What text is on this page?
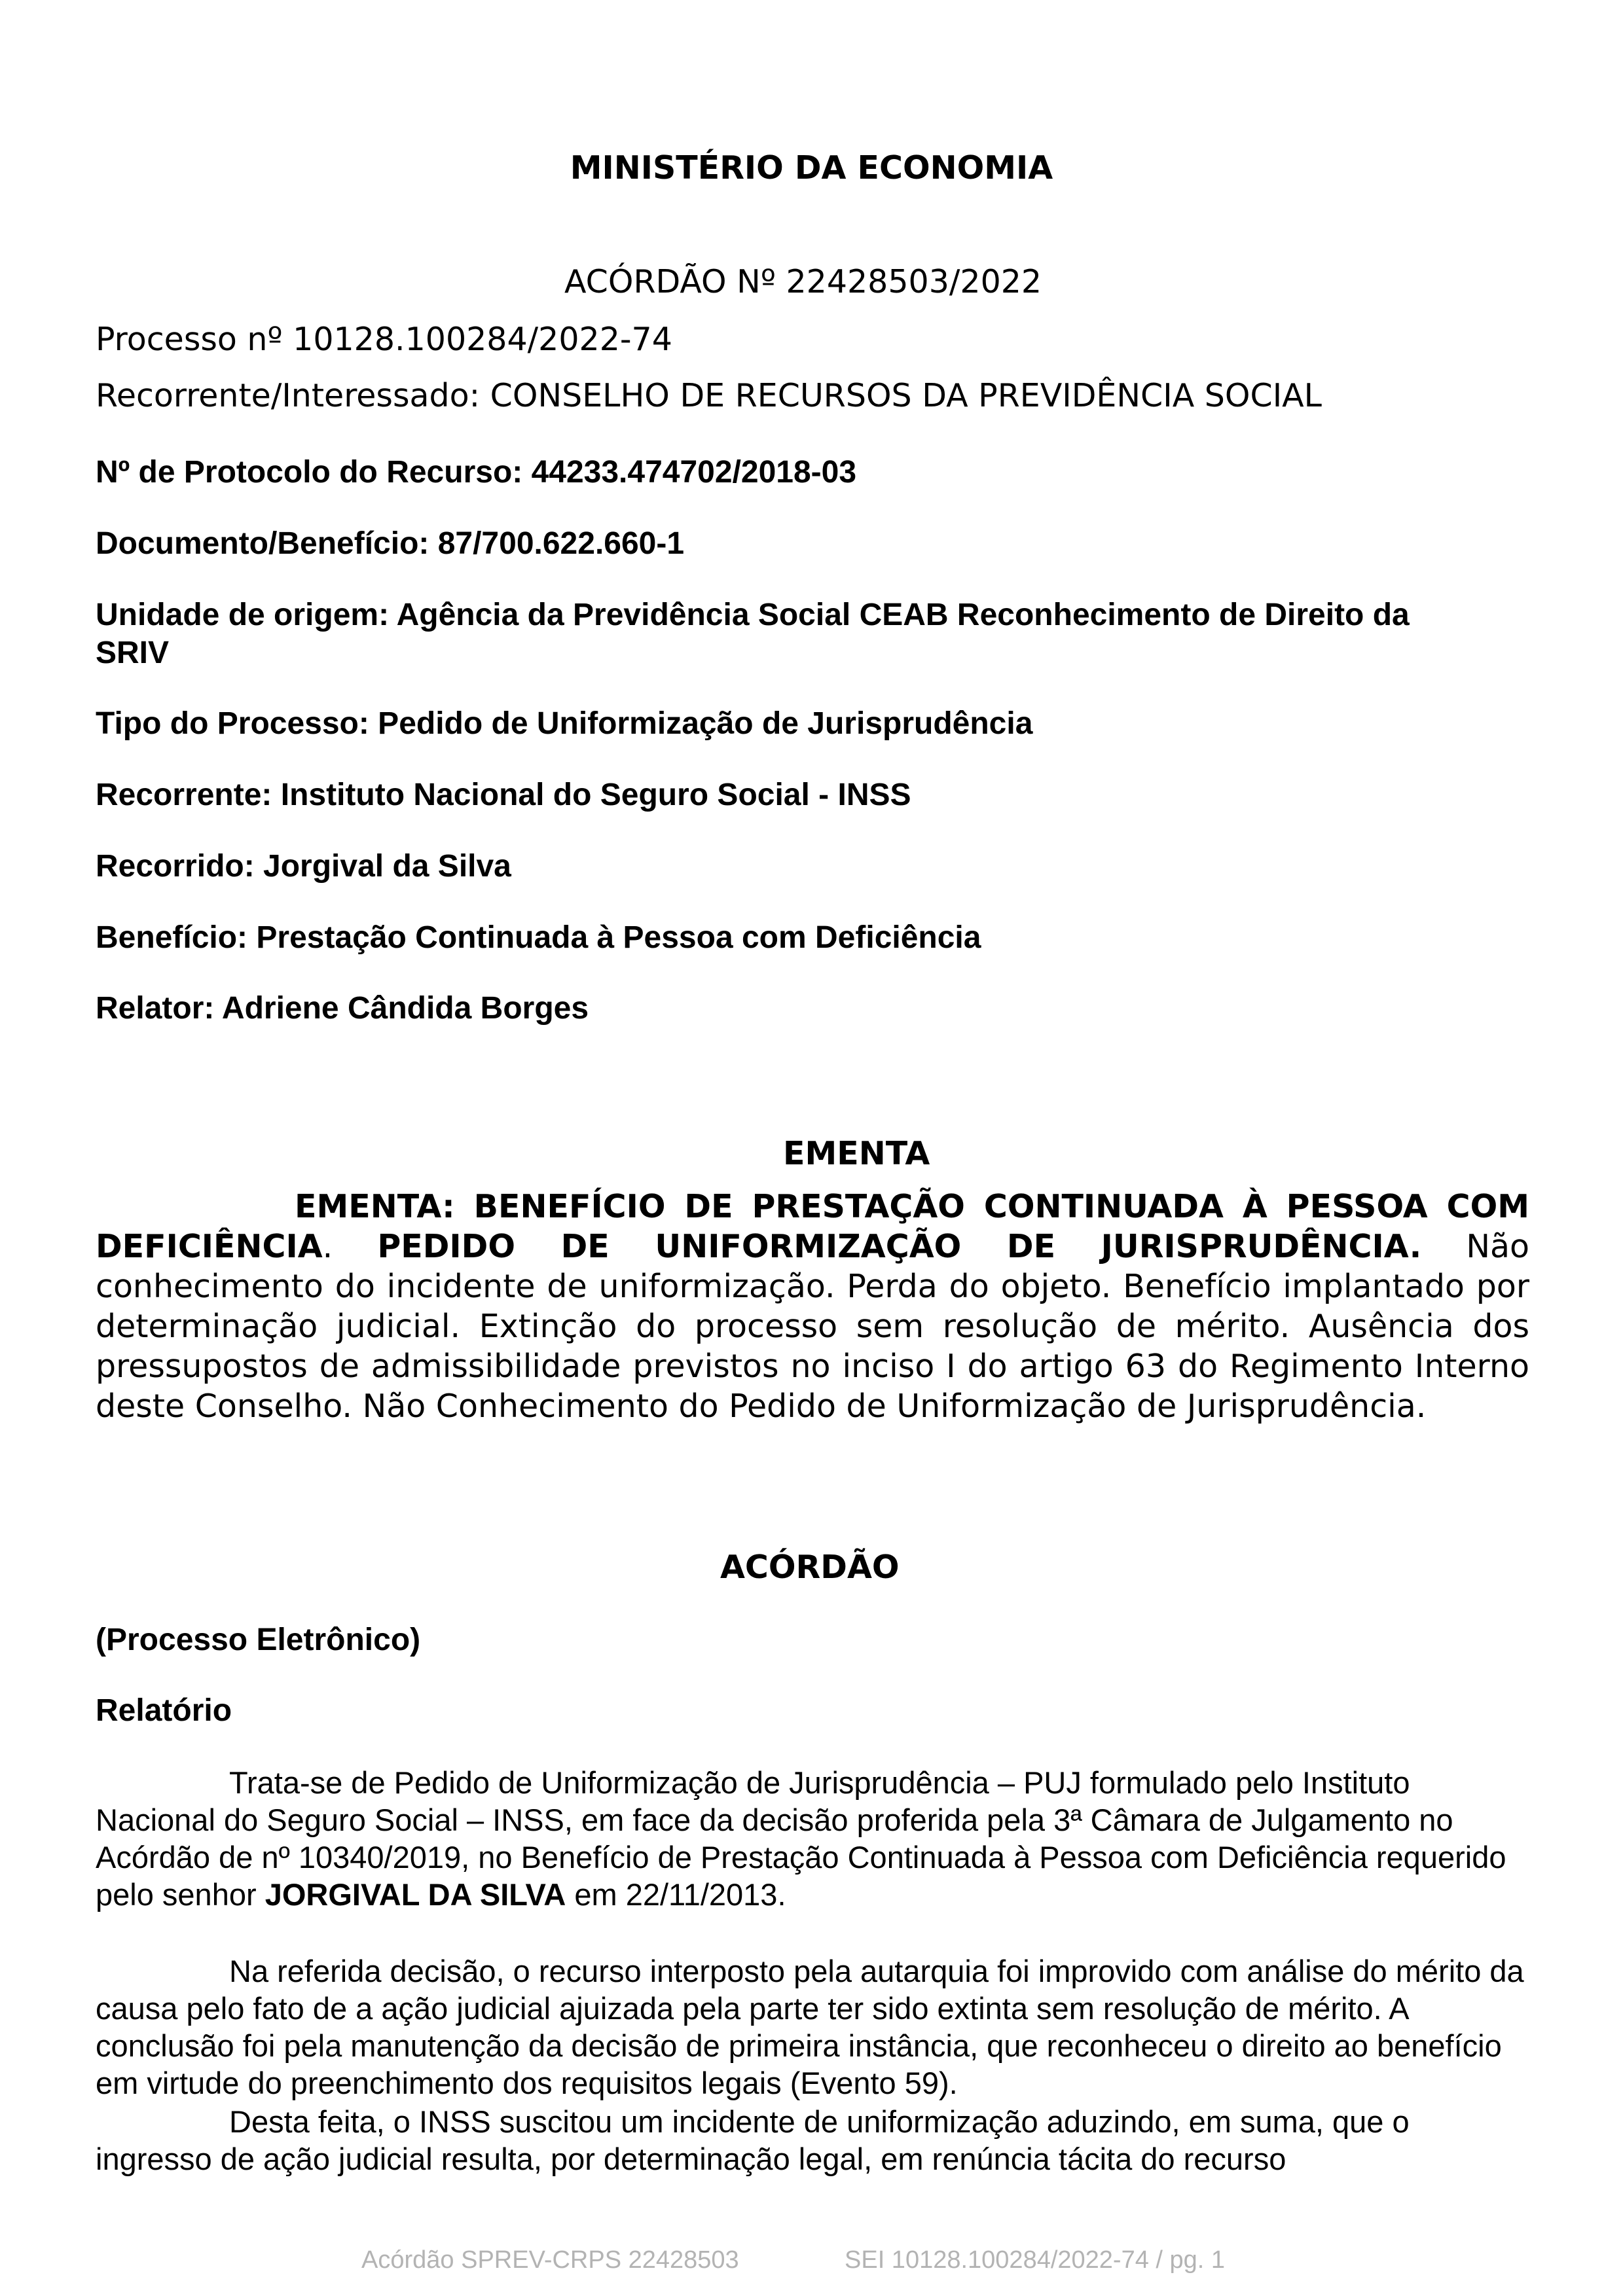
MINISTÉRIO DA ECONOMIA
ACÓRDÃO Nº 22428503/2022
Processo nº 10128.100284/2022-74
Recorrente/Interessado: CONSELHO DE RECURSOS DA PREVIDÊNCIA SOCIAL
Nº de Protocolo do Recurso: 44233.474702/2018-03
Documento/Benefício: 87/700.622.660-1
Unidade de origem: Agência da Previdência Social CEAB Reconhecimento de Direito da
SRIV
Tipo do Processo: Pedido de Uniformização de Jurisprudência
Recorrente: Instituto Nacional do Seguro Social - INSS
Recorrido: Jorgival da Silva
Benefício: Prestação Continuada à Pessoa com Deficiência
Relator: Adriene Cândida Borges
EMENTA
EMENTA: BENEFÍCIO DE PRESTAÇÃO CONTINUADA À PESSOA COM DEFICIÊNCIA. PEDIDO DE UNIFORMIZAÇÃO DE JURISPRUDÊNCIA. Não conhecimento do incidente de uniformização. Perda do objeto. Benefício implantado por determinação judicial. Extinção do processo sem resolução de mérito. Ausência dos pressupostos de admissibilidade previstos no inciso I do artigo 63 do Regimento Interno deste Conselho. Não Conhecimento do Pedido de Uniformização de Jurisprudência.
ACÓRDÃO
(Processo Eletrônico)
Relatório
Trata-se de Pedido de Uniformização de Jurisprudência – PUJ formulado pelo Instituto Nacional do Seguro Social – INSS, em face da decisão proferida pela 3ª Câmara de Julgamento no Acórdão de nº 10340/2019, no Benefício de Prestação Continuada à Pessoa com Deficiência requerido pelo senhor JORGIVAL DA SILVA em 22/11/2013.
Na referida decisão, o recurso interposto pela autarquia foi improvido com análise do mérito da causa pelo fato de a ação judicial ajuizada pela parte ter sido extinta sem resolução de mérito. A conclusão foi pela manutenção da decisão de primeira instância, que reconheceu o direito ao benefício em virtude do preenchimento dos requisitos legais (Evento 59).
Desta feita, o INSS suscitou um incidente de uniformização aduzindo, em suma, que o ingresso de ação judicial resulta, por determinação legal, em renúncia tácita do recurso
Acórdão SPREV-CRPS 22428503	SEI 10128.100284/2022-74 / pg. 1
